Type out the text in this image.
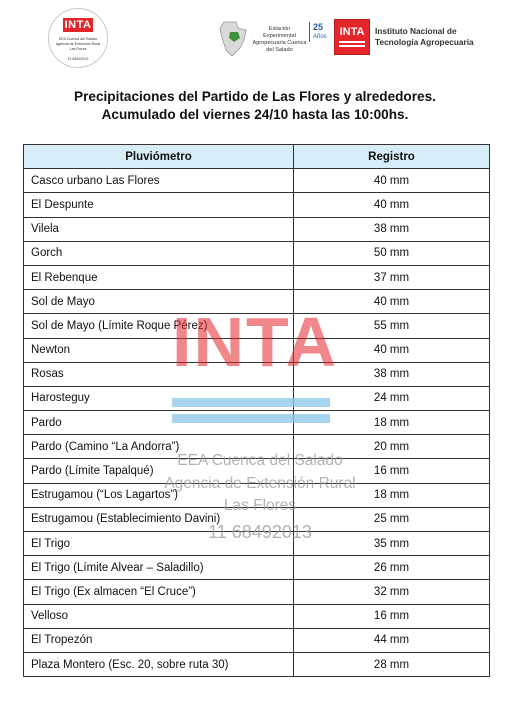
INTA
EEA Cuenca del Salado
Agencia de Extensión Rural
Las Flores
11 68492013
Estación Experimental Agropecuaria Cuenca del Salado
25
Años	INTA	Instituto Nacional de
Tecnología Agropecuaria
Precipitaciones del Partido de Las Flores y alrededores.
Acumulado del viernes 24/10 hasta las 10:00hs.
Pluviómetro	Registro
Casco urbano Las Flores	40 mm
El Despunte	40 mm
Vilela	38 mm
Gorch	50 mm
El Rebenque	37 mm
Sol de Mayo	40 mm
Sol de Mayo (Límite Roque Pérez)	55 mm
Newton	40 mm
Rosas	38 mm
Harosteguy	24 mm
Pardo	18 mm
Pardo (Camino “La Andorra”)	20 mm
Pardo (Límite Tapalqué)	16 mm
Estrugamou (“Los Lagartos”)	18 mm
Estrugamou (Establecimiento Davini)	25 mm
El Trigo	35 mm
El Trigo (Límite Alvear – Saladillo)	26 mm
El Trigo (Ex almacen “El Cruce”)	32 mm
Velloso	16 mm
El Tropezón	44 mm
Plaza Montero (Esc. 20, sobre ruta 30)	28 mm
INTA
EEA Cuenca del Salado
Agencia de Extensión Rural
Las Flores
11 68492013
